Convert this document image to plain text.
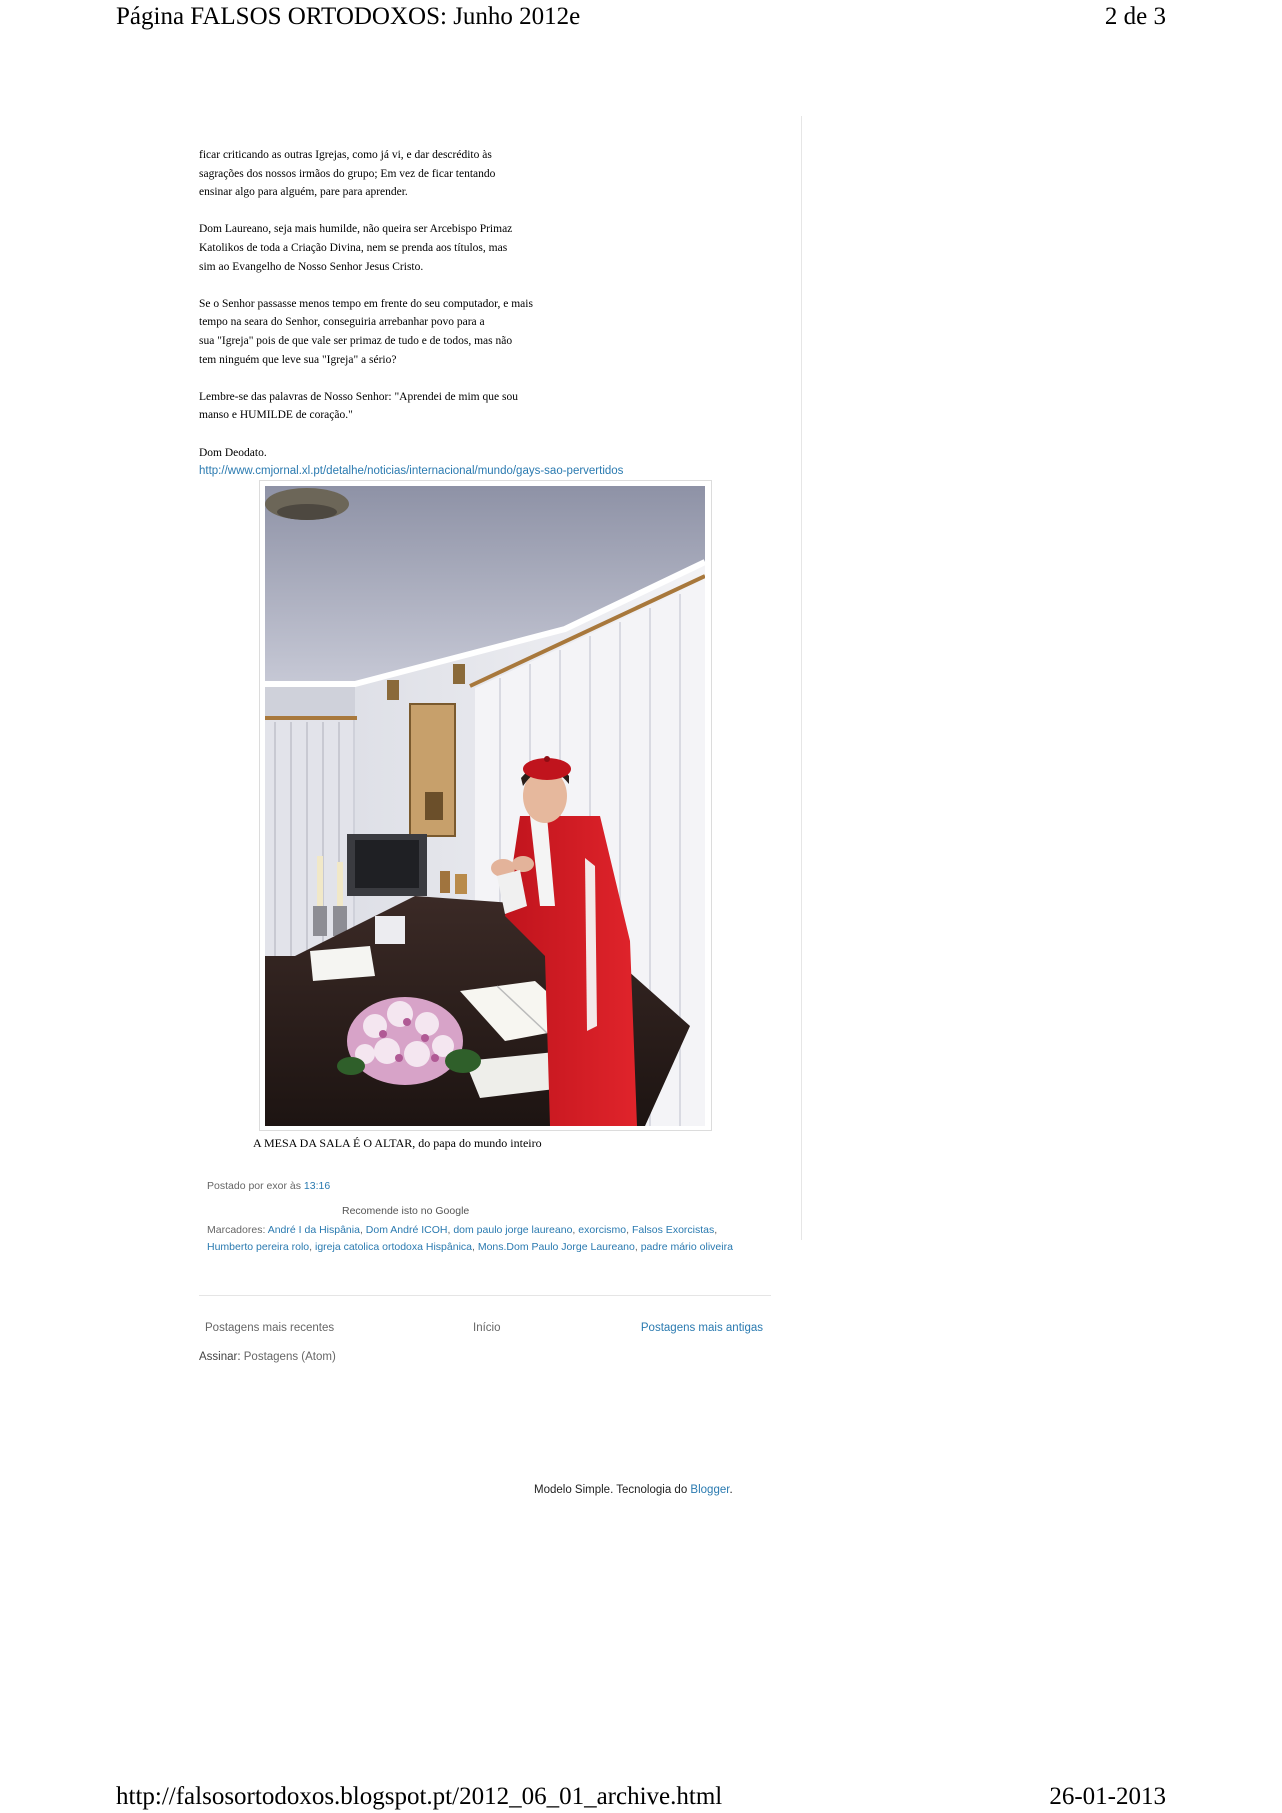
Página FALSOS ORTODOXOS: Junho 2012e	2 de 3

ficar criticando as outras Igrejas, como já vi, e dar descrédito às
sagrações dos nossos irmãos do grupo; Em vez de ficar tentando
ensinar algo para alguém, pare para aprender.

Dom Laureano, seja mais humilde, não queira ser Arcebispo Primaz
Katolikos de toda a Criação Divina, nem se prenda aos títulos, mas
sim ao Evangelho de Nosso Senhor Jesus Cristo.

Se o Senhor passasse menos tempo em frente do seu computador, e mais
tempo na seara do Senhor, conseguiria arrebanhar povo para a
sua "Igreja" pois de que vale ser primaz de tudo e de todos, mas não
tem ninguém que leve sua "Igreja" a sério?

Lembre-se das palavras de Nosso Senhor: "Aprendei de mim que sou
manso e HUMILDE de coração."

Dom Deodato.

http://www.cmjornal.xl.pt/detalhe/noticias/internacional/mundo/gays-sao-pervertidos
A MESA DA SALA É O ALTAR, do papa do mundo inteiro
Postado por exor às 13:16
Recomende isto no Google
Marcadores: André I da Hispânia, Dom André ICOH, dom paulo jorge laureano, exorcismo, Falsos Exorcistas, Humberto pereira rolo, igreja catolica ortodoxa Hispânica, Mons.Dom Paulo Jorge Laureano, padre mário oliveira
Postagens mais recentes	Início	Postagens mais antigas
Assinar: Postagens (Atom)
Modelo Simple. Tecnologia do Blogger.
http://falsosortodoxos.blogspot.pt/2012_06_01_archive.html	26-01-2013
